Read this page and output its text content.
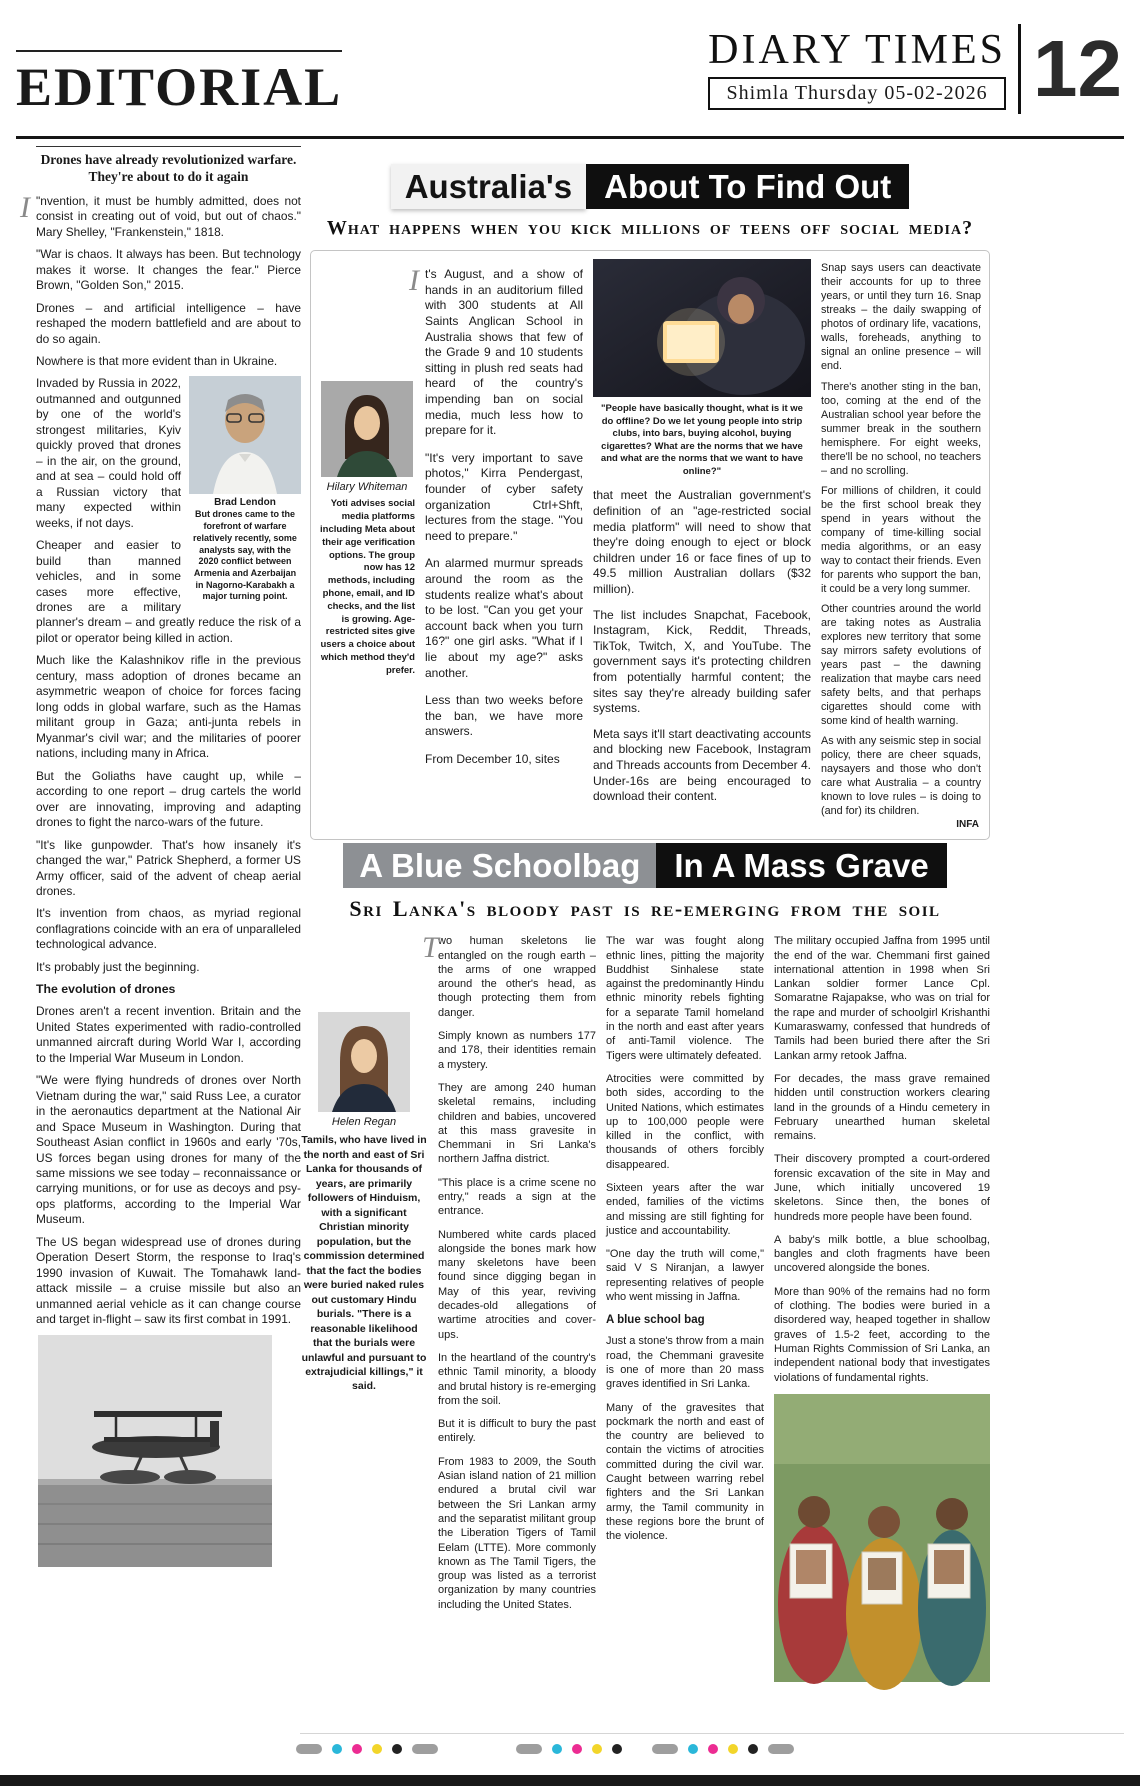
EDITORIAL
DIARY TIMES
Shimla Thursday 05-02-2026 12
Drones have already revolutionized warfare. They're about to do it again

I "nvention, it must be humbly admitted, does not consist in creating out of void, but out of chaos." Mary Shelley, "Frankenstein," 1818.

"War is chaos. It always has been. But technology makes it worse. It changes the fear." Pierce Brown, "Golden Son," 2015.

Drones – and artificial intelligence – have reshaped the modern battlefield and are about to do so again.

Nowhere is that more evident than in Ukraine.

Brad Lendon
But drones came to the forefront of warfare relatively recently, some analysts say, with the 2020 conflict between Armenia and Azerbaijan in Nagorno-Karabakh a major turning point.

Invaded by Russia in 2022, outmanned and outgunned by one of the world's strongest militaries, Kyiv quickly proved that drones – in the air, on the ground, and at sea – could hold off a Russian victory that many expected within weeks, if not days.

Cheaper and easier to build than manned vehicles, and in some cases more effective, drones are a military planner's dream – and greatly reduce the risk of a pilot or operator being killed in action.

Much like the Kalashnikov rifle in the previous century, mass adoption of drones became an asymmetric weapon of choice for forces facing long odds in global warfare, such as the Hamas militant group in Gaza; anti-junta rebels in Myanmar's civil war; and the militaries of poorer nations, including many in Africa.

But the Goliaths have caught up, while – according to one report – drug cartels the world over are innovating, improving and adapting drones to fight the narco-wars of the future.

"It's like gunpowder. That's how insanely it's changed the war," Patrick Shepherd, a former US Army officer, said of the advent of cheap aerial drones.

It's invention from chaos, as myriad regional conflagrations coincide with an era of unparalleled technological advance.

It's probably just the beginning.

The evolution of drones

Drones aren't a recent invention. Britain and the United States experimented with radio-controlled unmanned aircraft during World War I, according to the Imperial War Museum in London.

"We were flying hundreds of drones over North Vietnam during the war," said Russ Lee, a curator in the aeronautics department at the National Air and Space Museum in Washington. During that Southeast Asian conflict in 1960s and early '70s, US forces began using drones for many of the same missions we see today – reconnaissance or carrying munitions, or for use as decoys and psy-ops platforms, according to the Imperial War Museum.

The US began widespread use of drones during Operation Desert Storm, the response to Iraq's 1990 invasion of Kuwait. The Tomahawk land-attack missile – a cruise missile but also an unmanned aerial vehicle as it can change course and target in-flight – saw its first combat in 1991.

Australia's About To Find Out
What happens when you kick millions of teens off social media?
Hilary Whiteman
Yoti advises social media platforms including Meta about their age verification options. The group now has 12 methods, including phone, email, and ID checks, and the list is growing. Age-restricted sites give users a choice about which method they'd prefer.

I t's August, and a show of hands in an auditorium filled with 300 students at All Saints Anglican School in Australia shows that few of the Grade 9 and 10 students sitting in plush red seats had heard of the country's impending ban on social media, much less how to prepare for it.

"It's very important to save photos," Kirra Pendergast, founder of cyber safety organization Ctrl+Shft, lectures from the stage. "You need to prepare."

An alarmed murmur spreads around the room as the students realize what's about to be lost. "Can you get your account back when you turn 16?" one girl asks. "What if I lie about my age?" asks another.

Less than two weeks before the ban, we have more answers.

From December 10, sites

"People have basically thought, what is it we do offline? Do we let young people into strip clubs, into bars, buying alcohol, buying cigarettes? What are the norms that we have and what are the norms that we want to have online?"

that meet the Australian government's definition of an "age-restricted social media platform" will need to show that they're doing enough to eject or block children under 16 or face fines of up to 49.5 million Australian dollars ($32 million).

The list includes Snapchat, Facebook, Instagram, Kick, Reddit, Threads, TikTok, Twitch, X, and YouTube. The government says it's protecting children from potentially harmful content; the sites say they're already building safer systems.

Meta says it'll start deactivating accounts and blocking new Facebook, Instagram and Threads accounts from December 4. Under-16s are being encouraged to download their content.

Snap says users can deactivate their accounts for up to three years, or until they turn 16. Snap streaks – the daily swapping of photos of ordinary life, vacations, walls, foreheads, anything to signal an online presence – will end.

There's another sting in the ban, too, coming at the end of the Australian school year before the summer break in the southern hemisphere. For eight weeks, there'll be no school, no teachers – and no scrolling.

For millions of children, it could be the first school break they spend in years without the company of time-killing social media algorithms, or an easy way to contact their friends. Even for parents who support the ban, it could be a very long summer.

Other countries around the world are taking notes as Australia explores new territory that some say mirrors safety evolutions of years past – the dawning realization that maybe cars need safety belts, and that perhaps cigarettes should come with some kind of health warning.

As with any seismic step in social policy, there are cheer squads, naysayers and those who don't care what Australia – a country known to love rules – is doing to (and for) its children.

INFA
A Blue Schoolbag	In A Mass Grave
Sri Lanka's bloody past is re-emerging from the soil
Helen Regan
Tamils, who have lived in the north and east of Sri Lanka for thousands of years, are primarily followers of Hinduism, with a significant Christian minority population, but the commission determined that the fact the bodies were buried naked rules out customary Hindu burials. "There is a reasonable likelihood that the burials were unlawful and pursuant to extrajudicial killings," it said.

T wo human skeletons lie entangled on the rough earth – the arms of one wrapped around the other's head, as though protecting them from danger.

Simply known as numbers 177 and 178, their identities remain a mystery.

They are among 240 human skeletal remains, including children and babies, uncovered at this mass gravesite in Chemmani in Sri Lanka's northern Jaffna district.

"This place is a crime scene no entry," reads a sign at the entrance.

Numbered white cards placed alongside the bones mark how many skeletons have been found since digging began in May of this year, reviving decades-old allegations of wartime atrocities and cover-ups.

In the heartland of the country's ethnic Tamil minority, a bloody and brutal history is re-emerging from the soil.

But it is difficult to bury the past entirely.

From 1983 to 2009, the South Asian island nation of 21 million endured a brutal civil war between the Sri Lankan army and the separatist militant group the Liberation Tigers of Tamil Eelam (LTTE). More commonly known as The Tamil Tigers, the group was listed as a terrorist organization by many countries including the United States.

The war was fought along ethnic lines, pitting the majority Buddhist Sinhalese state against the predominantly Hindu ethnic minority rebels fighting for a separate Tamil homeland in the north and east after years of anti-Tamil violence. The Tigers were ultimately defeated.

Atrocities were committed by both sides, according to the United Nations, which estimates up to 100,000 people were killed in the conflict, with thousands of others forcibly disappeared.

Sixteen years after the war ended, families of the victims and missing are still fighting for justice and accountability.

"One day the truth will come," said V S Niranjan, a lawyer representing relatives of people who went missing in Jaffna.

A blue school bag

Just a stone's throw from a main road, the Chemmani gravesite is one of more than 20 mass graves identified in Sri Lanka.

Many of the gravesites that pockmark the north and east of the country are believed to contain the victims of atrocities committed during the civil war. Caught between warring rebel fighters and the Sri Lankan army, the Tamil community in these regions bore the brunt of the violence.

The military occupied Jaffna from 1995 until the end of the war. Chemmani first gained international attention in 1998 when Sri Lankan soldier former Lance Cpl. Somaratne Rajapakse, who was on trial for the rape and murder of schoolgirl Krishanthi Kumaraswamy, confessed that hundreds of Tamils had been buried there after the Sri Lankan army retook Jaffna.

For decades, the mass grave remained hidden until construction workers clearing land in the grounds of a Hindu cemetery in February unearthed human skeletal remains.

Their discovery prompted a court-ordered forensic excavation of the site in May and June, which initially uncovered 19 skeletons. Since then, the bones of hundreds more people have been found.

A baby's milk bottle, a blue schoolbag, bangles and cloth fragments have been uncovered alongside the bones.

More than 90% of the remains had no form of clothing. The bodies were buried in a disordered way, heaped together in shallow graves of 1.5-2 feet, according to the Human Rights Commission of Sri Lanka, an independent national body that investigates violations of fundamental rights.
